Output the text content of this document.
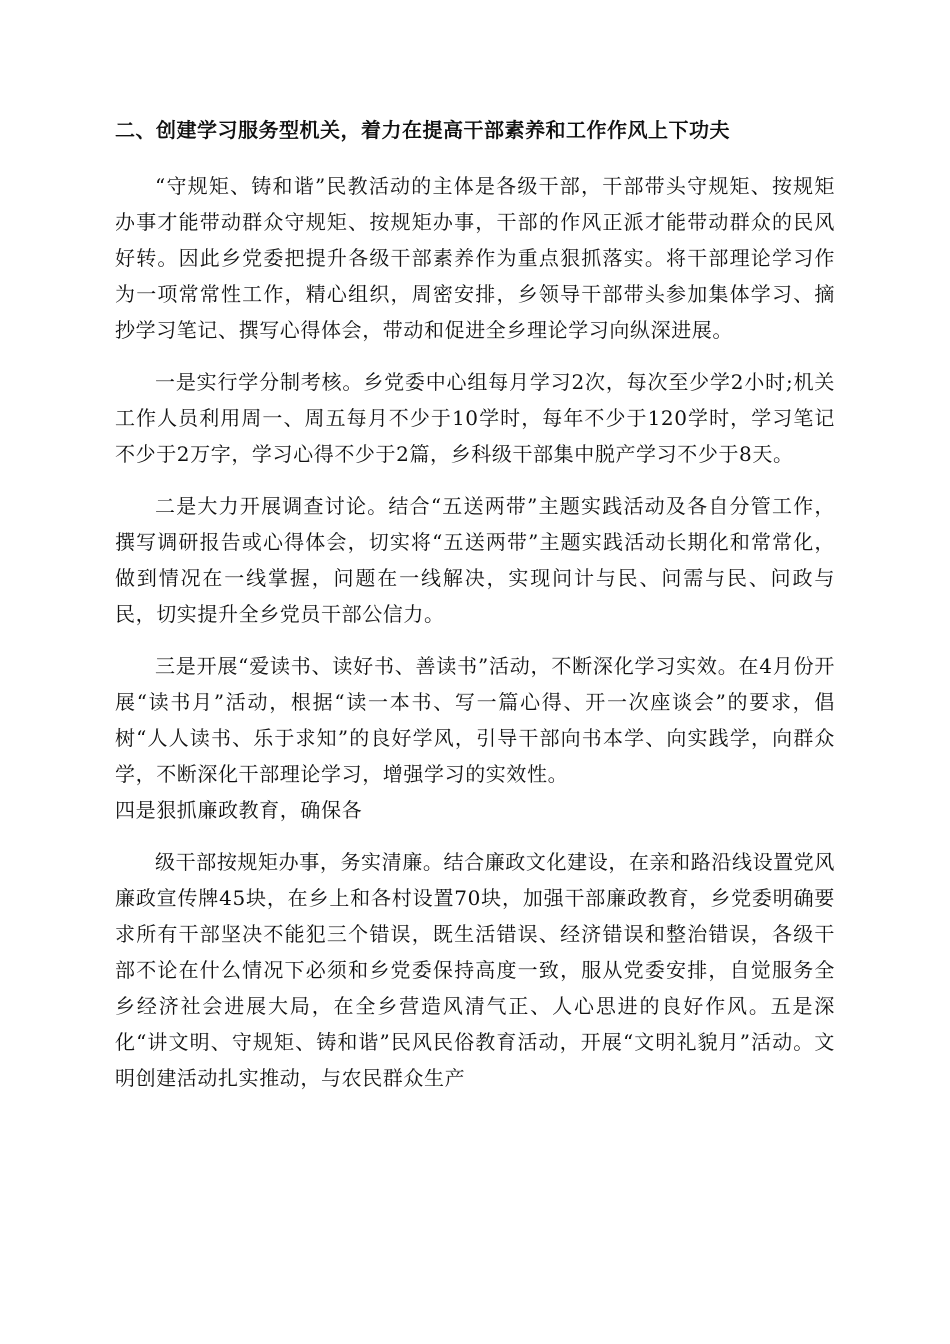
二、创建学习服务型机关，着力在提高干部素养和工作作风上下功夫

“守规矩、铸和谐”民教活动的主体是各级干部，干部带头守规矩、按规矩办事才能带动群众守规矩、按规矩办事，干部的作风正派才能带动群众的民风好转。因此乡党委把提升各级干部素养作为重点狠抓落实。将干部理论学习作为一项常常性工作，精心组织，周密安排，乡领导干部带头参加集体学习、摘抄学习笔记、撰写心得体会，带动和促进全乡理论学习向纵深进展。

一是实行学分制考核。乡党委中心组每月学习2次，每次至少学2小时;机关工作人员利用周一、周五每月不少于10学时，每年不少于120学时，学习笔记不少于2万字，学习心得不少于2篇，乡科级干部集中脱产学习不少于8天。

二是大力开展调查讨论。结合“五送两带”主题实践活动及各自分管工作，撰写调研报告或心得体会，切实将“五送两带”主题实践活动长期化和常常化，做到情况在一线掌握，问题在一线解决，实现问计与民、问需与民、问政与民，切实提升全乡党员干部公信力。

三是开展“爱读书、读好书、善读书”活动，不断深化学习实效。在4月份开展“读书月”活动，根据“读一本书、写一篇心得、开一次座谈会”的要求，倡树“人人读书、乐于求知”的良好学风，引导干部向书本学、向实践学，向群众学，不断深化干部理论学习，增强学习的实效性。
四是狠抓廉政教育，确保各

级干部按规矩办事，务实清廉。结合廉政文化建设，在亲和路沿线设置党风廉政宣传牌45块，在乡上和各村设置70块，加强干部廉政教育，乡党委明确要求所有干部坚决不能犯三个错误，既生活错误、经济错误和整治错误，各级干部不论在什么情况下必须和乡党委保持高度一致，服从党委安排，自觉服务全乡经济社会进展大局，在全乡营造风清气正、人心思进的良好作风。五是深化“讲文明、守规矩、铸和谐”民风民俗教育活动，开展“文明礼貌月”活动。文明创建活动扎实推动，与农民群众生产
